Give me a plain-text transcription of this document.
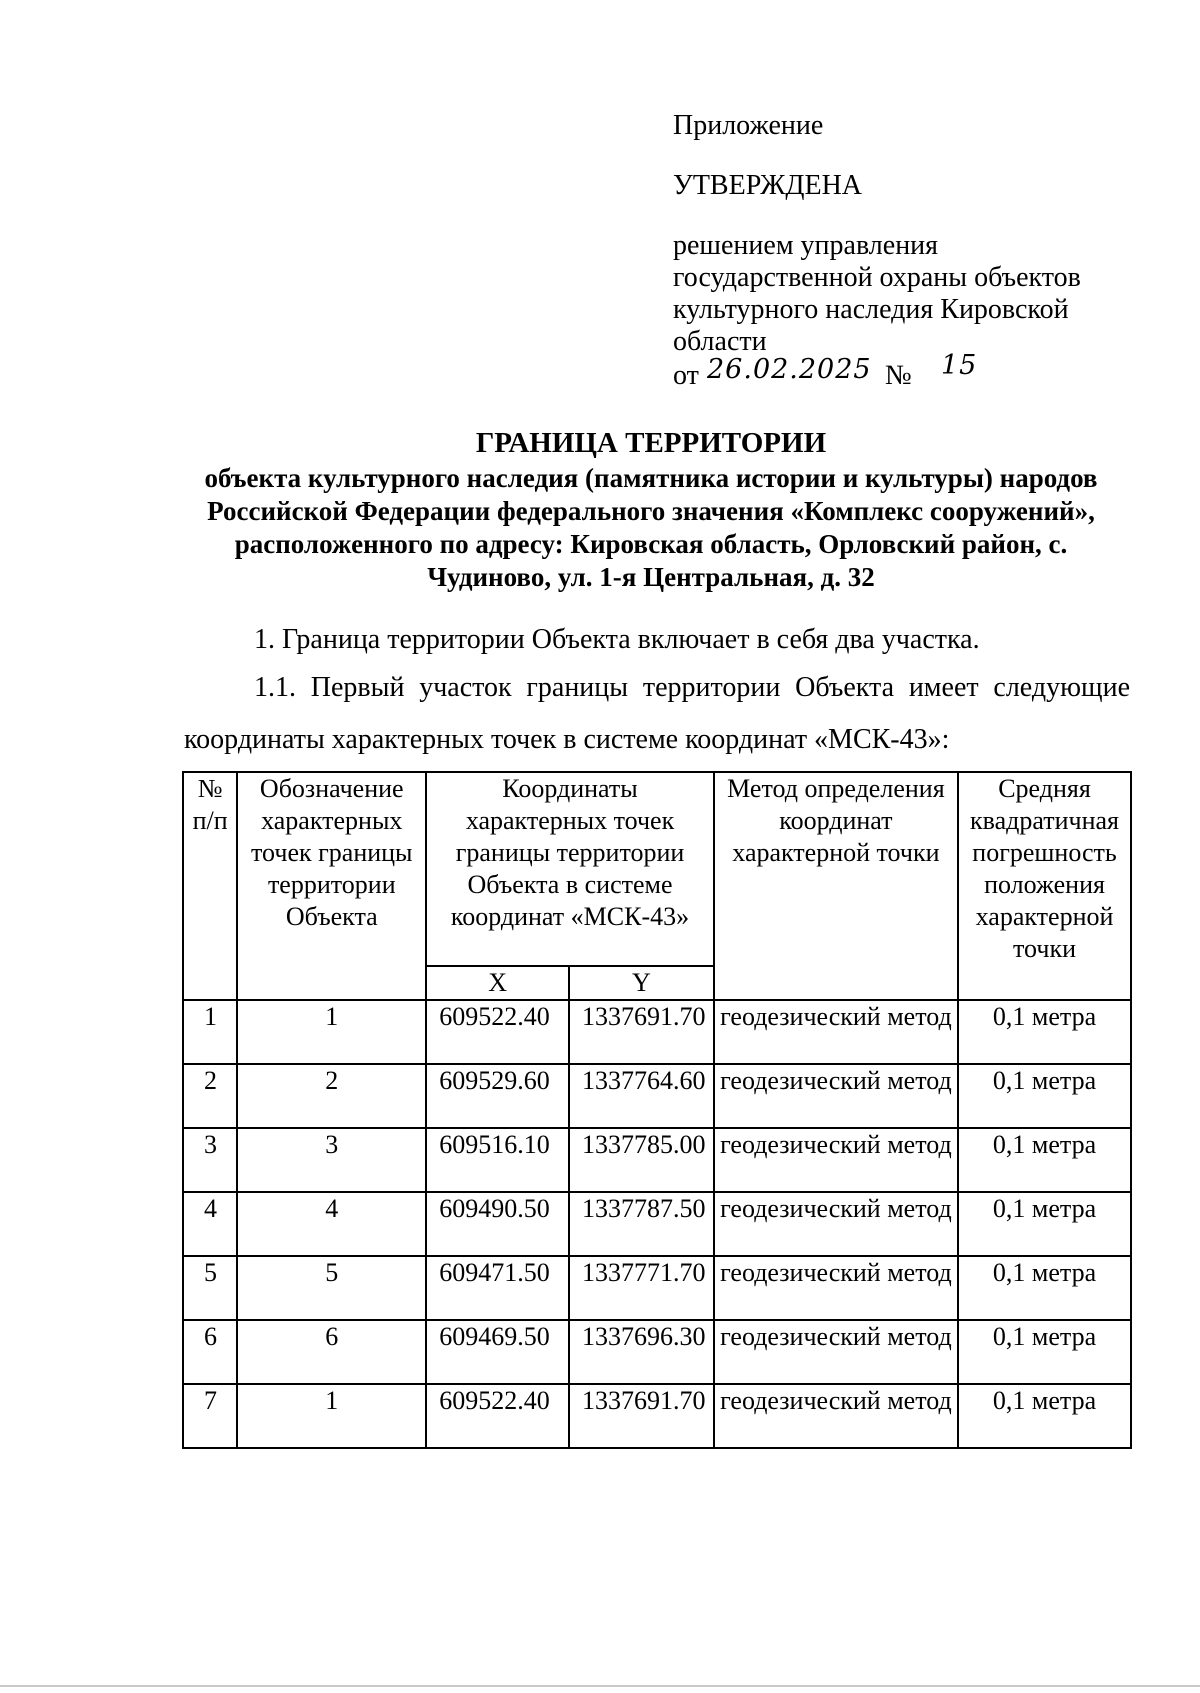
Приложение
УТВЕРЖДЕНА
решением управления государственной охраны объектов культурного наследия Кировской области
от 26.02.2025 № 15
ГРАНИЦА ТЕРРИТОРИИ
объекта культурного наследия (памятника истории и культуры) народов Российской Федерации федерального значения «Комплекс сооружений», расположенного по адресу: Кировская область, Орловский район, с. Чудиново, ул. 1-я Центральная, д. 32
1. Граница территории Объекта включает в себя два участка.
1.1. Первый участок границы территории Объекта имеет следующие
координаты характерных точек в системе координат «МСК-43»:
№ п/п	Обозначение характерных точек границы территории Объекта	Координаты характерных точек границы территории Объекта в системе координат «МСК-43»		Метод определения координат характерной точки	Средняя квадратичная погрешность положения характерной точки
		X	Y		
1	1	609522.40	1337691.70	геодезический метод	0,1 метра
2	2	609529.60	1337764.60	геодезический метод	0,1 метра
3	3	609516.10	1337785.00	геодезический метод	0,1 метра
4	4	609490.50	1337787.50	геодезический метод	0,1 метра
5	5	609471.50	1337771.70	геодезический метод	0,1 метра
6	6	609469.50	1337696.30	геодезический метод	0,1 метра
7	1	609522.40	1337691.70	геодезический метод	0,1 метра
